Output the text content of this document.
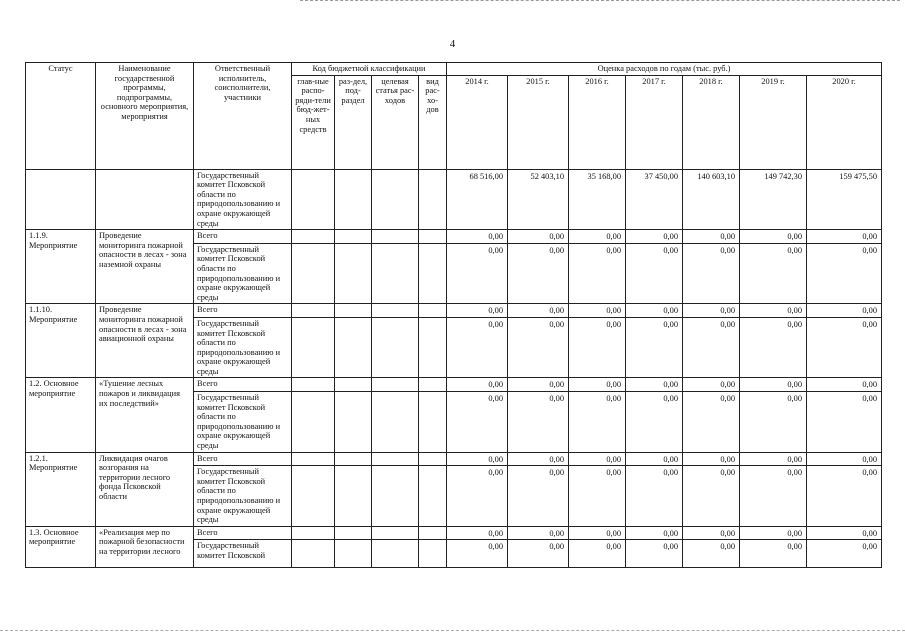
4
Статус	Наименование государственной программы, подпрограммы, основного мероприятия, мероприятия	Ответственный исполнитель, соисполнители, участники	Код бюджетной классификации				Оценка расходов по годам (тыс. руб.)						
			глав-ные распо-ряди-тели бюд-жет-ных средств	раз-дел, под-раздел	целевая статья рас-ходов	вид рас-хо-дов	2014 г.	2015 г.	2016 г.	2017 г.	2018 г.	2019 г.	2020 г.
		Государственный комитет Псковской области по природопользованию и охране окружающей среды					68 516,00	52 403,10	35 168,00	37 450,00	140 603,10	149 742,30	159 475,50
1.1.9. Мероприятие	Проведение мониторинга пожарной опасности в лесах - зона наземной охраны	Всего					0,00	0,00	0,00	0,00	0,00	0,00	0,00
		Государственный комитет Псковской области по природопользованию и охране окружающей среды					0,00	0,00	0,00	0,00	0,00	0,00	0,00
1.1.10. Мероприятие	Проведение мониторинга пожарной опасности в лесах - зона авиационной охраны	Всего					0,00	0,00	0,00	0,00	0,00	0,00	0,00
		Государственный комитет Псковской области по природопользованию и охране окружающей среды					0,00	0,00	0,00	0,00	0,00	0,00	0,00
1.2. Основное мероприятие	«Тушение лесных пожаров и ликвидация их последствий»	Всего					0,00	0,00	0,00	0,00	0,00	0,00	0,00
		Государственный комитет Псковской области по природопользованию и охране окружающей среды					0,00	0,00	0,00	0,00	0,00	0,00	0,00
1.2.1. Мероприятие	Ликвидация очагов возгорания на территории лесного фонда Псковской области	Всего					0,00	0,00	0,00	0,00	0,00	0,00	0,00
		Государственный комитет Псковской области по природопользованию и охране окружающей среды					0,00	0,00	0,00	0,00	0,00	0,00	0,00
1.3. Основное мероприятие	«Реализация мер по пожарной безопасности на территории лесного	Всего					0,00	0,00	0,00	0,00	0,00	0,00	0,00
		Государственный комитет Псковской					0,00	0,00	0,00	0,00	0,00	0,00	0,00
